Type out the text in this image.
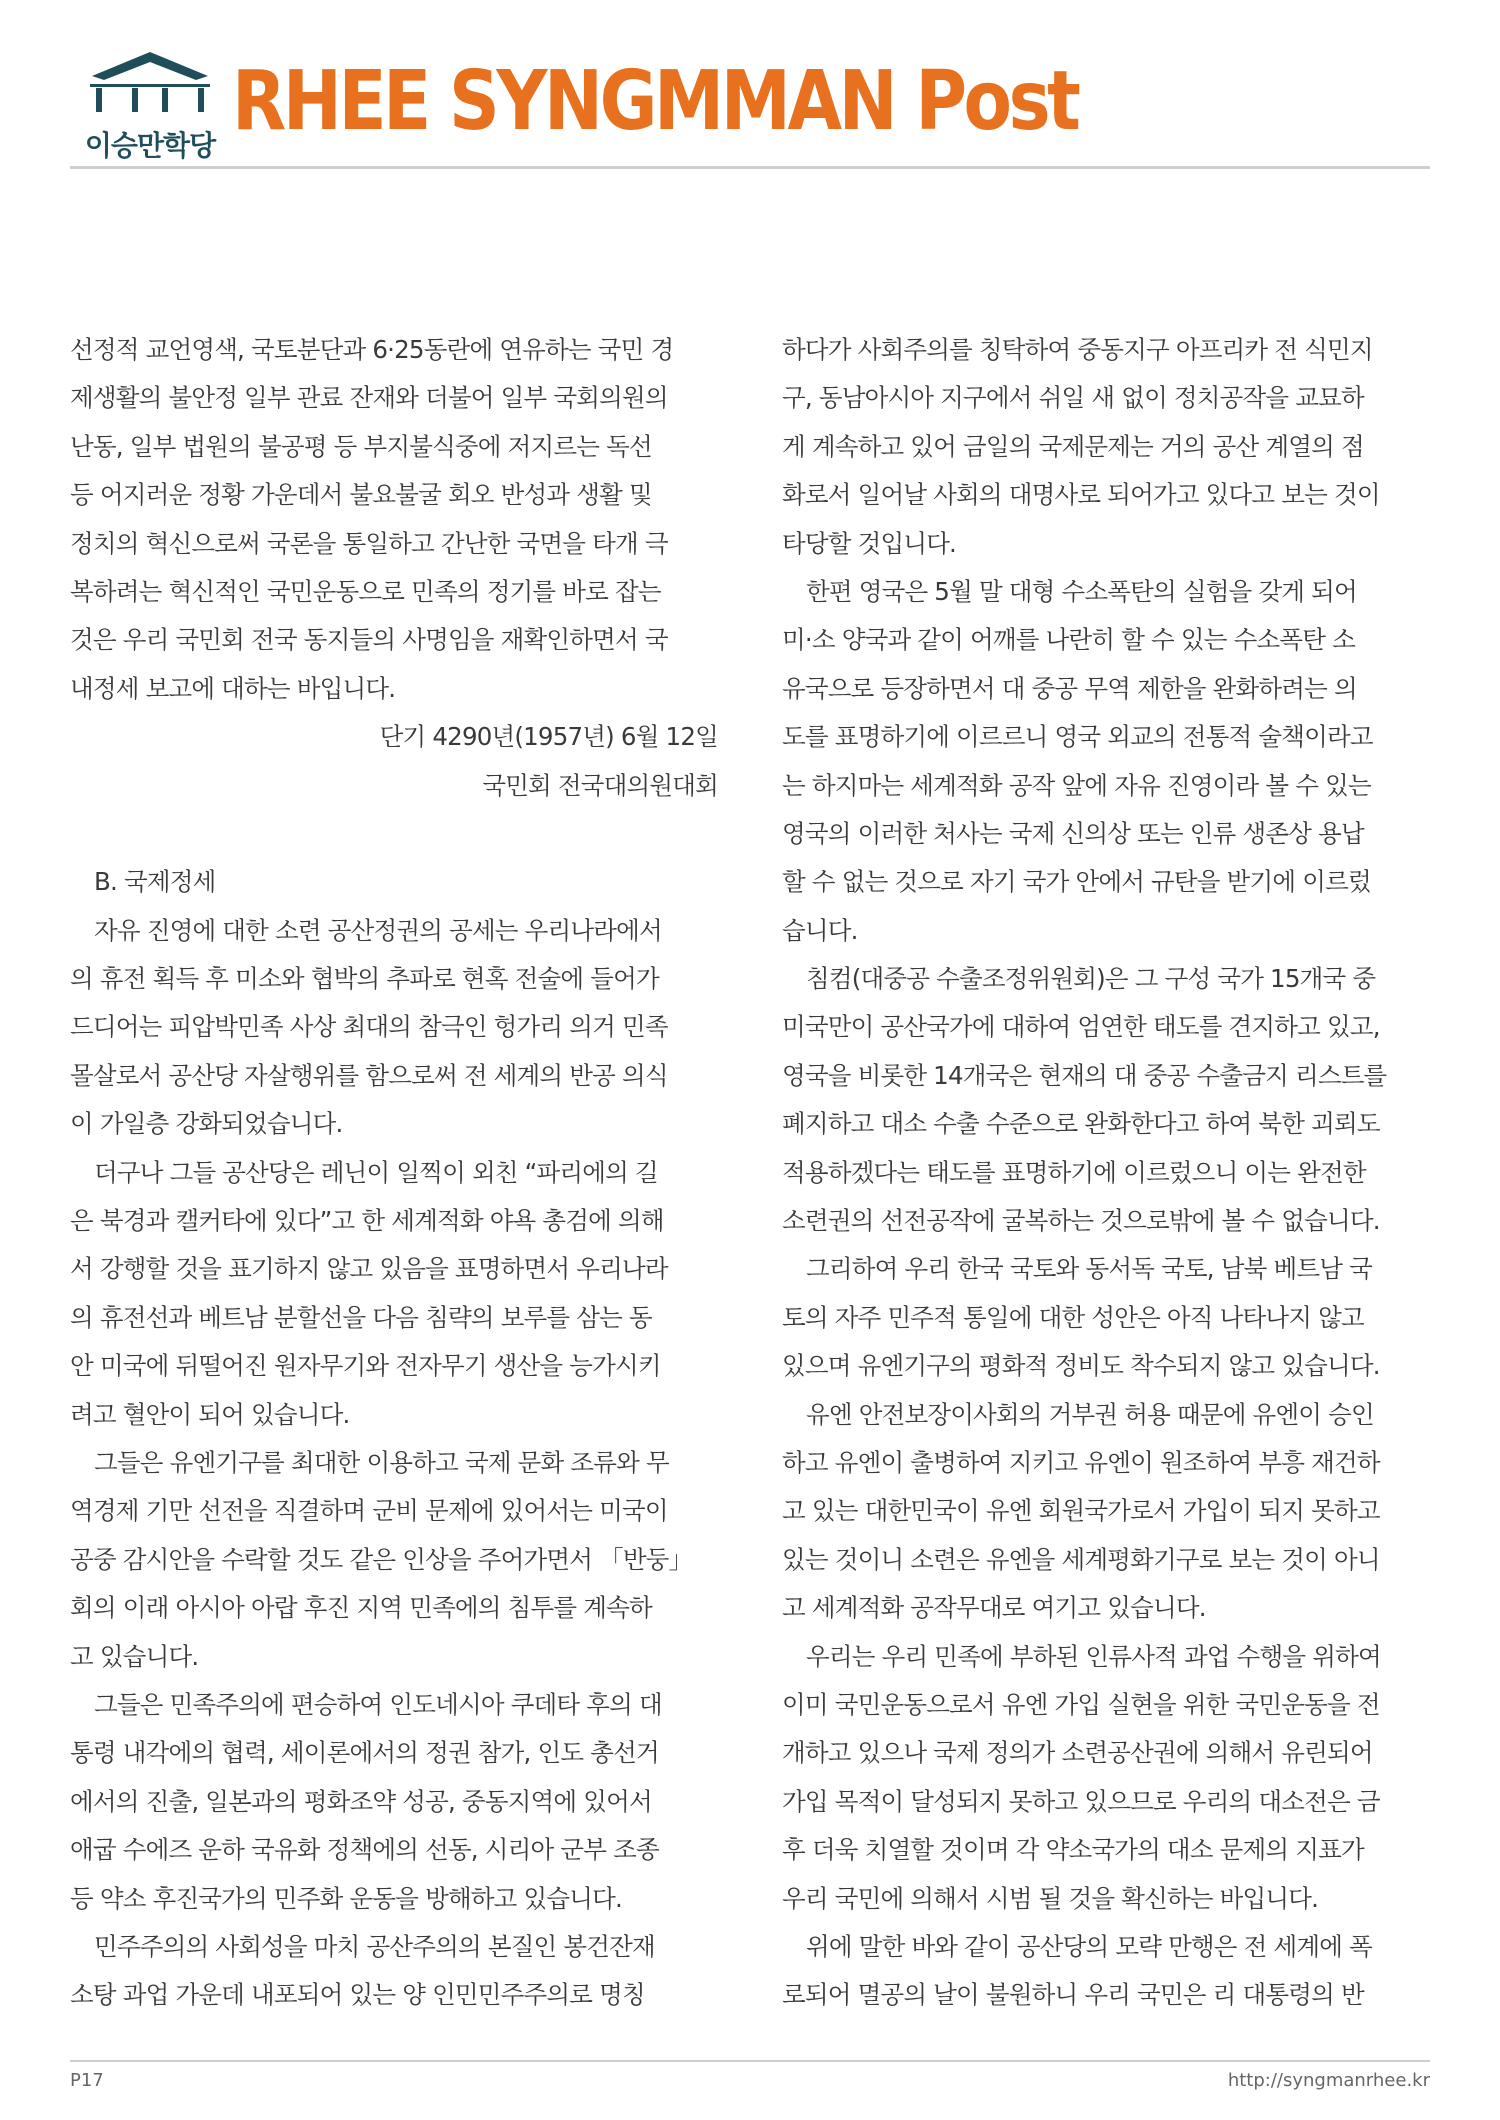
이승만학당 RHEE SYNGMMAN Post
선정적 교언영색, 국토분단과 6·25동란에 연유하는 국민 경
제생활의 불안정 일부 관료 잔재와 더불어 일부 국회의원의
난동, 일부 법원의 불공평 등 부지불식중에 저지르는 독선
등 어지러운 정황 가운데서 불요불굴 회오 반성과 생활 및
정치의 혁신으로써 국론을 통일하고 간난한 국면을 타개 극
복하려는 혁신적인 국민운동으로 민족의 정기를 바로 잡는
것은 우리 국민회 전국 동지들의 사명임을 재확인하면서 국
내정세 보고에 대하는 바입니다.
단기 4290년(1957년) 6월 12일
국민회 전국대의원대회
B. 국제정세
자유 진영에 대한 소련 공산정권의 공세는 우리나라에서
의 휴전 획득 후 미소와 협박의 추파로 현혹 전술에 들어가
드디어는 피압박민족 사상 최대의 참극인 헝가리 의거 민족
몰살로서 공산당 자살행위를 함으로써 전 세계의 반공 의식
이 가일층 강화되었습니다.
더구나 그들 공산당은 레닌이 일찍이 외친 “파리에의 길
은 북경과 캘커타에 있다”고 한 세계적화 야욕 총검에 의해
서 강행할 것을 표기하지 않고 있음을 표명하면서 우리나라
의 휴전선과 베트남 분할선을 다음 침략의 보루를 삼는 동
안 미국에 뒤떨어진 원자무기와 전자무기 생산을 능가시키
려고 혈안이 되어 있습니다.
그들은 유엔기구를 최대한 이용하고 국제 문화 조류와 무
역경제 기만 선전을 직결하며 군비 문제에 있어서는 미국이
공중 감시안을 수락할 것도 같은 인상을 주어가면서 「반둥」
회의 이래 아시아 아랍 후진 지역 민족에의 침투를 계속하
고 있습니다.
그들은 민족주의에 편승하여 인도네시아 쿠데타 후의 대
통령 내각에의 협력, 세이론에서의 정권 참가, 인도 총선거
에서의 진출, 일본과의 평화조약 성공, 중동지역에 있어서
애굽 수에즈 운하 국유화 정책에의 선동, 시리아 군부 조종
등 약소 후진국가의 민주화 운동을 방해하고 있습니다.
민주주의의 사회성을 마치 공산주의의 본질인 봉건잔재
소탕 과업 가운데 내포되어 있는 양 인민민주주의로 명칭
하다가 사회주의를 칭탁하여 중동지구 아프리카 전 식민지
구, 동남아시아 지구에서 쉬일 새 없이 정치공작을 교묘하
게 계속하고 있어 금일의 국제문제는 거의 공산 계열의 점
화로서 일어날 사회의 대명사로 되어가고 있다고 보는 것이
타당할 것입니다.
한편 영국은 5월 말 대형 수소폭탄의 실험을 갖게 되어
미·소 양국과 같이 어깨를 나란히 할 수 있는 수소폭탄 소
유국으로 등장하면서 대 중공 무역 제한을 완화하려는 의
도를 표명하기에 이르르니 영국 외교의 전통적 술책이라고
는 하지마는 세계적화 공작 앞에 자유 진영이라 볼 수 있는
영국의 이러한 처사는 국제 신의상 또는 인류 생존상 용납
할 수 없는 것으로 자기 국가 안에서 규탄을 받기에 이르렀
습니다.
침컴(대중공 수출조정위원회)은 그 구성 국가 15개국 중
미국만이 공산국가에 대하여 엄연한 태도를 견지하고 있고,
영국을 비롯한 14개국은 현재의 대 중공 수출금지 리스트를
폐지하고 대소 수출 수준으로 완화한다고 하여 북한 괴뢰도
적용하겠다는 태도를 표명하기에 이르렀으니 이는 완전한
소련권의 선전공작에 굴복하는 것으로밖에 볼 수 없습니다.
그리하여 우리 한국 국토와 동서독 국토, 남북 베트남 국
토의 자주 민주적 통일에 대한 성안은 아직 나타나지 않고
있으며 유엔기구의 평화적 정비도 착수되지 않고 있습니다.
유엔 안전보장이사회의 거부권 허용 때문에 유엔이 승인
하고 유엔이 출병하여 지키고 유엔이 원조하여 부흥 재건하
고 있는 대한민국이 유엔 회원국가로서 가입이 되지 못하고
있는 것이니 소련은 유엔을 세계평화기구로 보는 것이 아니
고 세계적화 공작무대로 여기고 있습니다.
우리는 우리 민족에 부하된 인류사적 과업 수행을 위하여
이미 국민운동으로서 유엔 가입 실현을 위한 국민운동을 전
개하고 있으나 국제 정의가 소련공산권에 의해서 유린되어
가입 목적이 달성되지 못하고 있으므로 우리의 대소전은 금
후 더욱 치열할 것이며 각 약소국가의 대소 문제의 지표가
우리 국민에 의해서 시범 될 것을 확신하는 바입니다.
위에 말한 바와 같이 공산당의 모략 만행은 전 세계에 폭
로되어 멸공의 날이 불원하니 우리 국민은 리 대통령의 반
P17	http://syngmanrhee.kr
